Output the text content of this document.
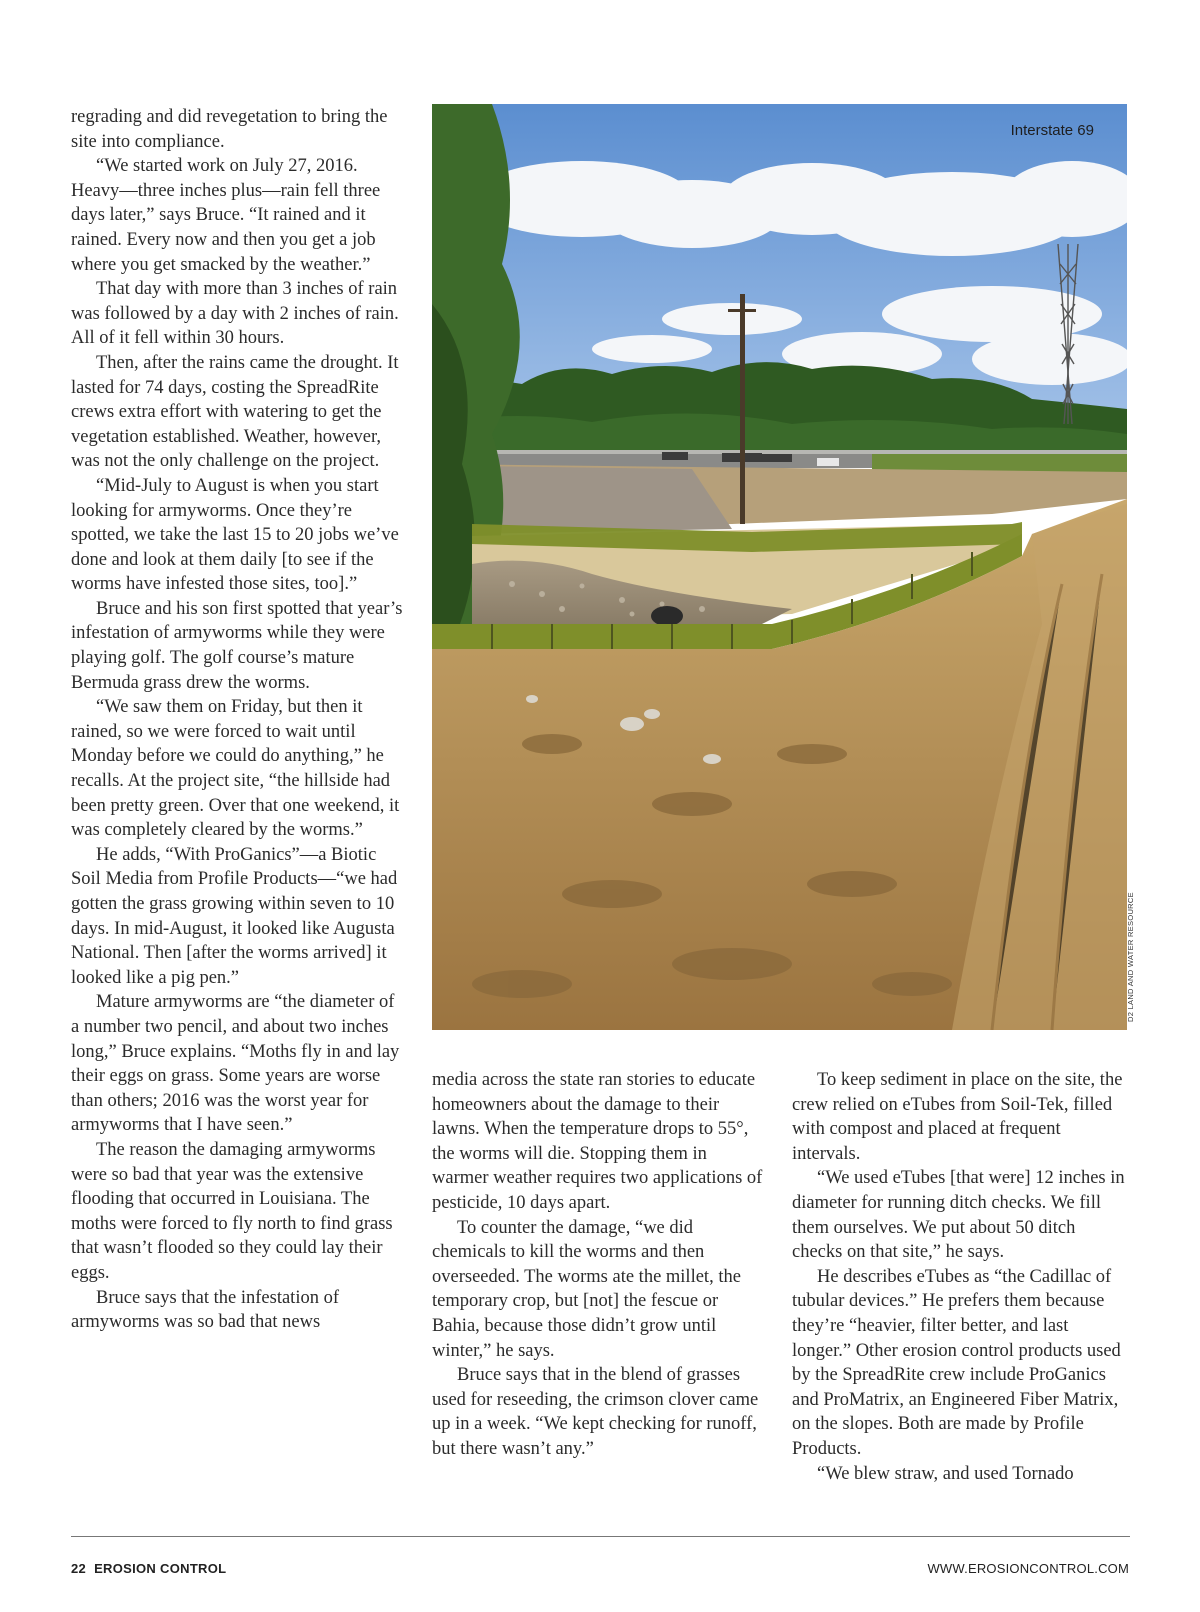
regrading and did revegetation to bring the site into compliance.

“We started work on July 27, 2016. Heavy—three inches plus—rain fell three days later,” says Bruce. “It rained and it rained. Every now and then you get a job where you get smacked by the weather.”

That day with more than 3 inches of rain was followed by a day with 2 inches of rain. All of it fell within 30 hours.

Then, after the rains came the drought. It lasted for 74 days, costing the SpreadRite crews extra effort with watering to get the vegetation established. Weather, however, was not the only challenge on the project.

“Mid-July to August is when you start looking for armyworms. Once they’re spotted, we take the last 15 to 20 jobs we’ve done and look at them daily [to see if the worms have infested those sites, too].”

Bruce and his son first spotted that year’s infestation of armyworms while they were playing golf. The golf course’s mature Bermuda grass drew the worms.

“We saw them on Friday, but then it rained, so we were forced to wait until Monday before we could do anything,” he recalls. At the project site, “the hillside had been pretty green. Over that one weekend, it was completely cleared by the worms.”

He adds, “With ProGanics”—a Biotic Soil Media from Profile Products—“we had gotten the grass growing within seven to 10 days. In mid-August, it looked like Augusta National. Then [after the worms arrived] it looked like a pig pen.”

Mature armyworms are “the diameter of a number two pencil, and about two inches long,” Bruce explains. “Moths fly in and lay their eggs on grass. Some years are worse than others; 2016 was the worst year for armyworms that I have seen.”

The reason the damaging armyworms were so bad that year was the extensive flooding that occurred in Louisiana. The moths were forced to fly north to find grass that wasn’t flooded so they could lay their eggs.

Bruce says that the infestation of armyworms was so bad that news

Interstate 69
D2 LAND AND WATER RESOURCE

media across the state ran stories to educate homeowners about the damage to their lawns. When the temperature drops to 55°, the worms will die. Stopping them in warmer weather requires two applications of pesticide, 10 days apart.

To counter the damage, “we did chemicals to kill the worms and then overseeded. The worms ate the millet, the temporary crop, but [not] the fescue or Bahia, because those didn’t grow until winter,” he says.

Bruce says that in the blend of grasses used for reseeding, the crimson clover came up in a week. “We kept checking for runoff, but there wasn’t any.”

To keep sediment in place on the site, the crew relied on eTubes from Soil-Tek, filled with compost and placed at frequent intervals.

“We used eTubes [that were] 12 inches in diameter for running ditch checks. We fill them ourselves. We put about 50 ditch checks on that site,” he says.

He describes eTubes as “the Cadillac of tubular devices.” He prefers them because they’re “heavier, filter better, and last longer.” Other erosion control products used by the SpreadRite crew include ProGanics and ProMatrix, an Engineered Fiber Matrix, on the slopes. Both are made by Profile Products.

“We blew straw, and used Tornado

22 EROSION CONTROL	WWW.EROSIONCONTROL.COM
